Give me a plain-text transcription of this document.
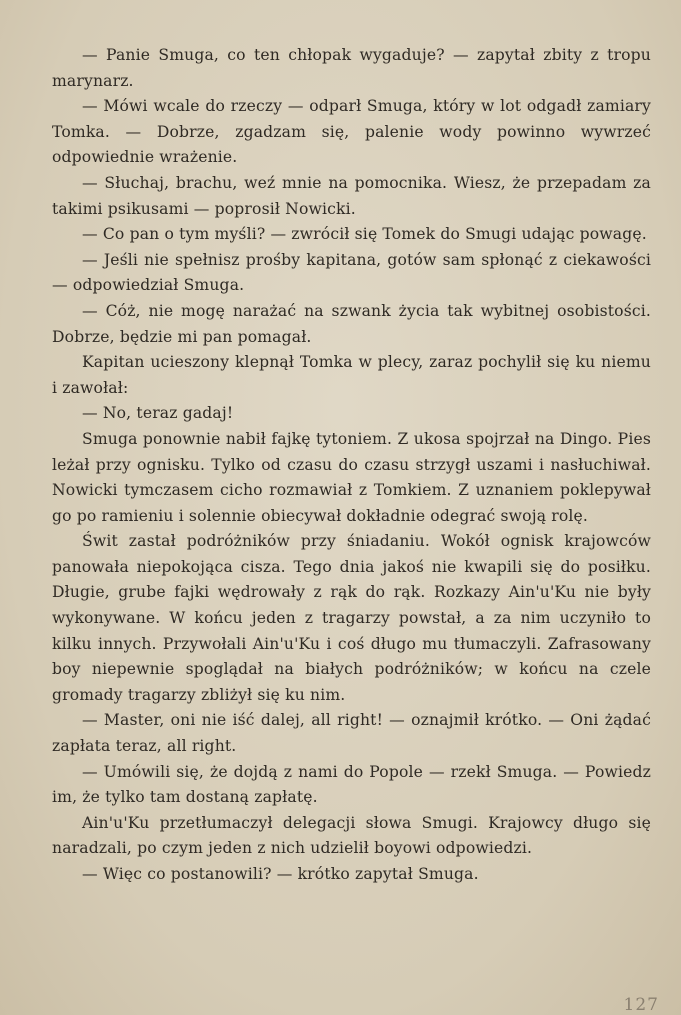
— Panie Smuga, co ten chłopak wygaduje? — zapytał zbity z tropu marynarz.

— Mówi wcale do rzeczy — odparł Smuga, który w lot odgadł zamiary Tomka. — Dobrze, zgadzam się, palenie wody powinno wywrzeć odpowiednie wrażenie.

— Słuchaj, brachu, weź mnie na pomocnika. Wiesz, że przepadam za takimi psikusami — poprosił Nowicki.

— Co pan o tym myśli? — zwrócił się Tomek do Smugi udając powagę.

— Jeśli nie spełnisz prośby kapitana, gotów sam spłonąć z ciekawości — odpowiedział Smuga.

— Cóż, nie mogę narażać na szwank życia tak wybitnej osobistości. Dobrze, będzie mi pan pomagał.

Kapitan ucieszony klepnął Tomka w plecy, zaraz pochylił się ku niemu i zawołał:

— No, teraz gadaj!

Smuga ponownie nabił fajkę tytoniem. Z ukosa spojrzał na Dingo. Pies leżał przy ognisku. Tylko od czasu do czasu strzygł uszami i nasłuchiwał. Nowicki tymczasem cicho rozmawiał z Tomkiem. Z uznaniem poklepywał go po ramieniu i solennie obiecywał dokładnie odegrać swoją rolę.

Świt zastał podróżników przy śniadaniu. Wokół ognisk krajowców panowała niepokojąca cisza. Tego dnia jakoś nie kwapili się do posiłku. Długie, grube fajki wędrowały z rąk do rąk. Rozkazy Ain'u'Ku nie były wykonywane. W końcu jeden z tragarzy powstał, a za nim uczyniło to kilku innych. Przywołali Ain'u'Ku i coś długo mu tłumaczyli. Zafrasowany boy niepewnie spoglądał na białych podróżników; w końcu na czele gromady tragarzy zbliżył się ku nim.

— Master, oni nie iść dalej, all right! — oznajmił krótko. — Oni żądać zapłata teraz, all right.

— Umówili się, że dojdą z nami do Popole — rzekł Smuga. — Powiedz im, że tylko tam dostaną zapłatę.

Ain'u'Ku przetłumaczył delegacji słowa Smugi. Krajowcy długo się naradzali, po czym jeden z nich udzielił boyowi odpowiedzi.

— Więc co postanowili? — krótko zapytał Smuga.

127
